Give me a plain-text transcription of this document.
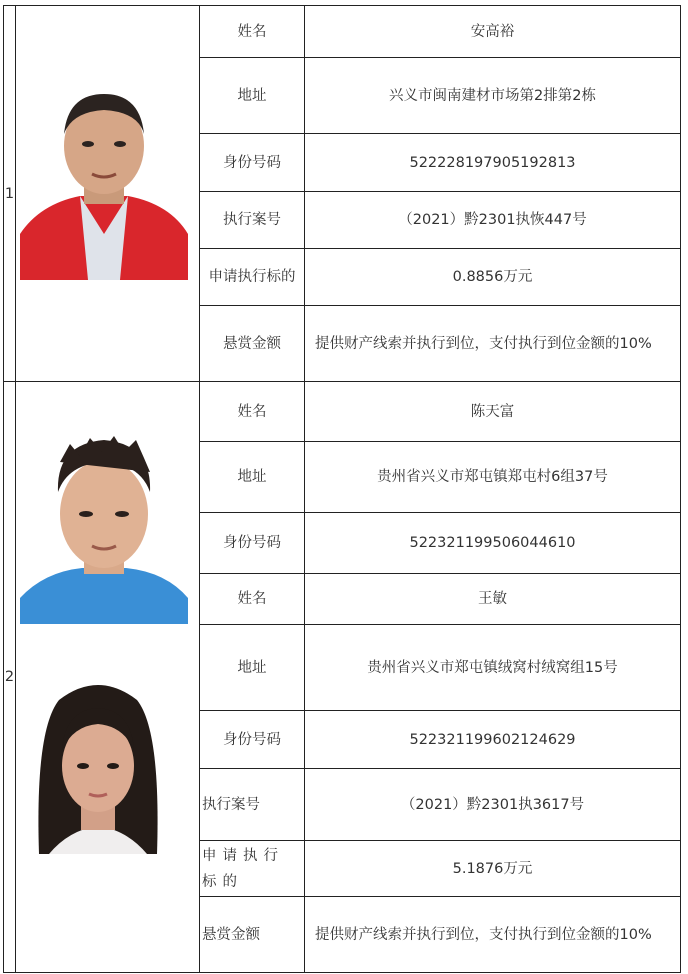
1		姓名	安高裕
		地址	兴义市闽南建材市场第2排第2栋
		身份号码	522228197905192813
		执行案号	（2021）黔2301执恢447号
		申请执行标的	0.8856万元
		悬赏金额	提供财产线索并执行到位，支付执行到位金额的10%
2		姓名	陈天富
		地址	贵州省兴义市郑屯镇郑屯村6组37号
		身份号码	522321199506044610
		姓名	王敏
		地址	贵州省兴义市郑屯镇绒窝村绒窝组15号
		身份号码	522321199602124629
		执行案号	（2021）黔2301执3617号
		申请执行标的	5.1876万元
		悬赏金额	提供财产线索并执行到位，支付执行到位金额的10%
